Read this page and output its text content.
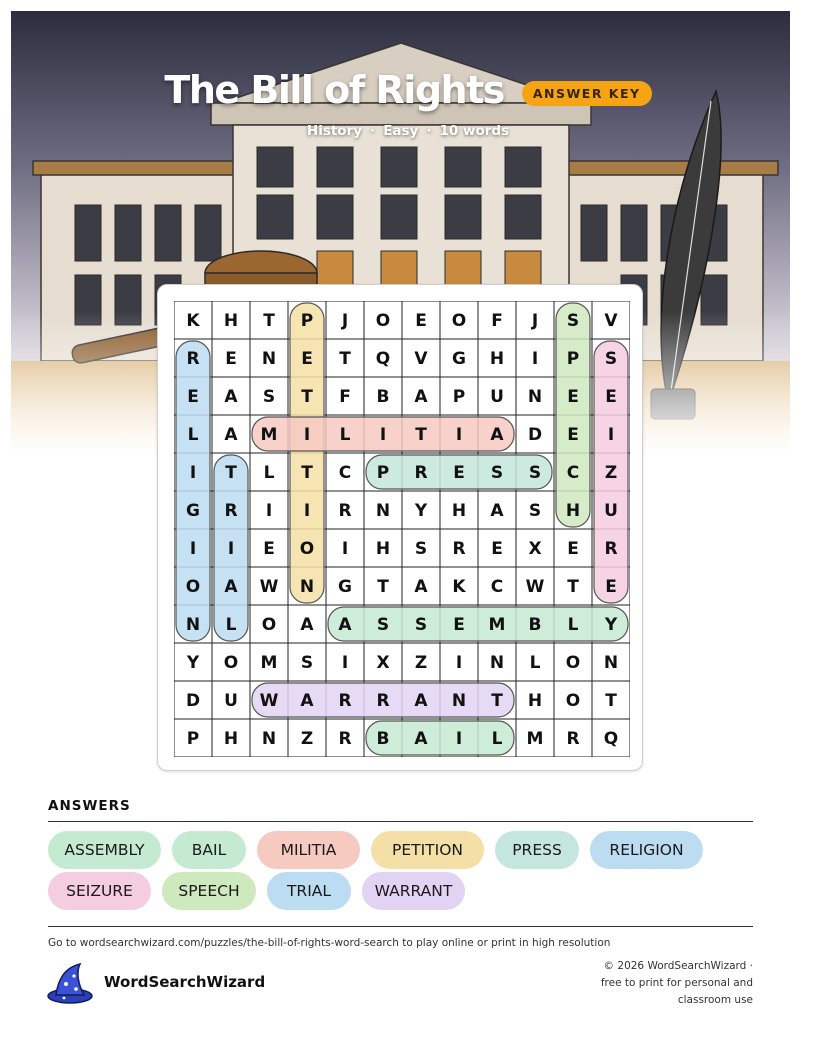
The Bill of Rights ANSWER KEY
History · Easy · 10 words
K H T P J O E O F J S V
R E N E T Q V G H I P S
E A S T F B A P U N E E
L A M I L I T I A D E I
I T L T C P R E S S C Z
G R I I R N Y H A S H U
I I E O I H S R E X E R
O A W N G T A K C W T E
N L O A A S S E M B L Y
Y O M S I X Z I N L O N
D U W A R R A N T H O T
P H N Z R B A I L M R Q
ANSWERS
ASSEMBLY	BAIL	MILITIA	PETITION	PRESS	RELIGION
SEIZURE	SPEECH	TRIAL	WARRANT
Go to wordsearchwizard.com/puzzles/the-bill-of-rights-word-search to play online or print in high resolution
WordSearchWizard
© 2026 WordSearchWizard ·
free to print for personal and
classroom use
